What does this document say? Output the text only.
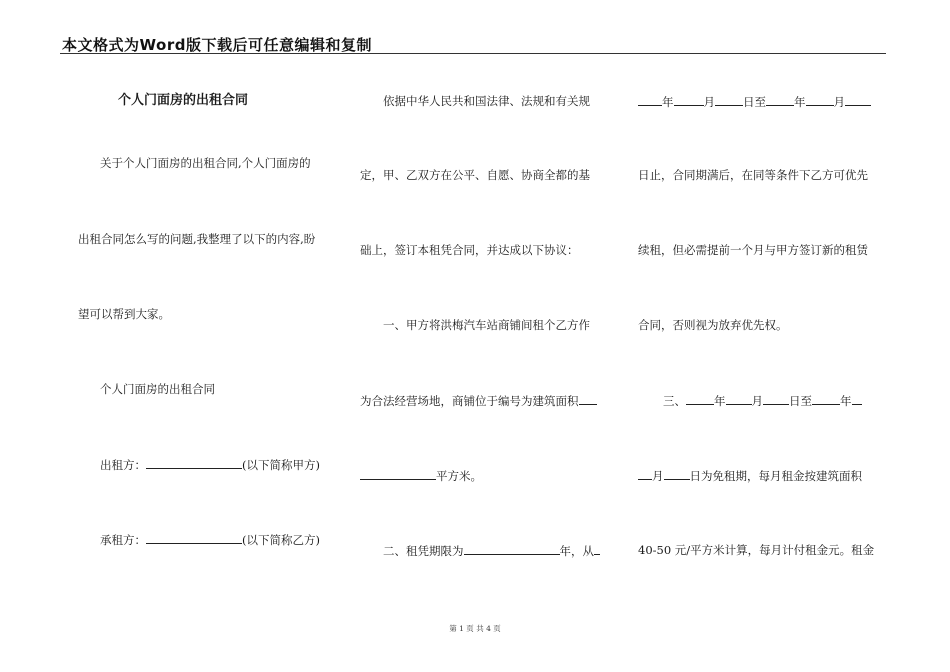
本文格式为Word版下载后可任意编辑和复制
个人门面房的出租合同
关于个人门面房的出租合同,个人门面房的
出租合同怎么写的问题,我整理了以下的内容,盼
望可以帮到大家。
个人门面房的出租合同
出租方：	(以下简称甲方)
承租方：	(以下简称乙方)
依据中华人民共和国法律、法规和有关规
定，甲、乙双方在公平、自愿、协商全都的基
础上，签订本租凭合同，并达成以下协议：
一、甲方将洪梅汽车站商铺间租个乙方作
为合法经营场地，商铺位于编号为建筑面积
平方米。
二、租凭期限为	年，从
年	月 日至 年 月
日止，合同期满后，在同等条件下乙方可优先
续租，但必需提前一个月与甲方签订新的租赁
合同，否则视为放弃优先权。
三、 年 月 日至 年
月 日为免租期，每月租金按建筑面积
40-50 元/平方米计算，每月计付租金元。租金
第 1 页 共 4 页
